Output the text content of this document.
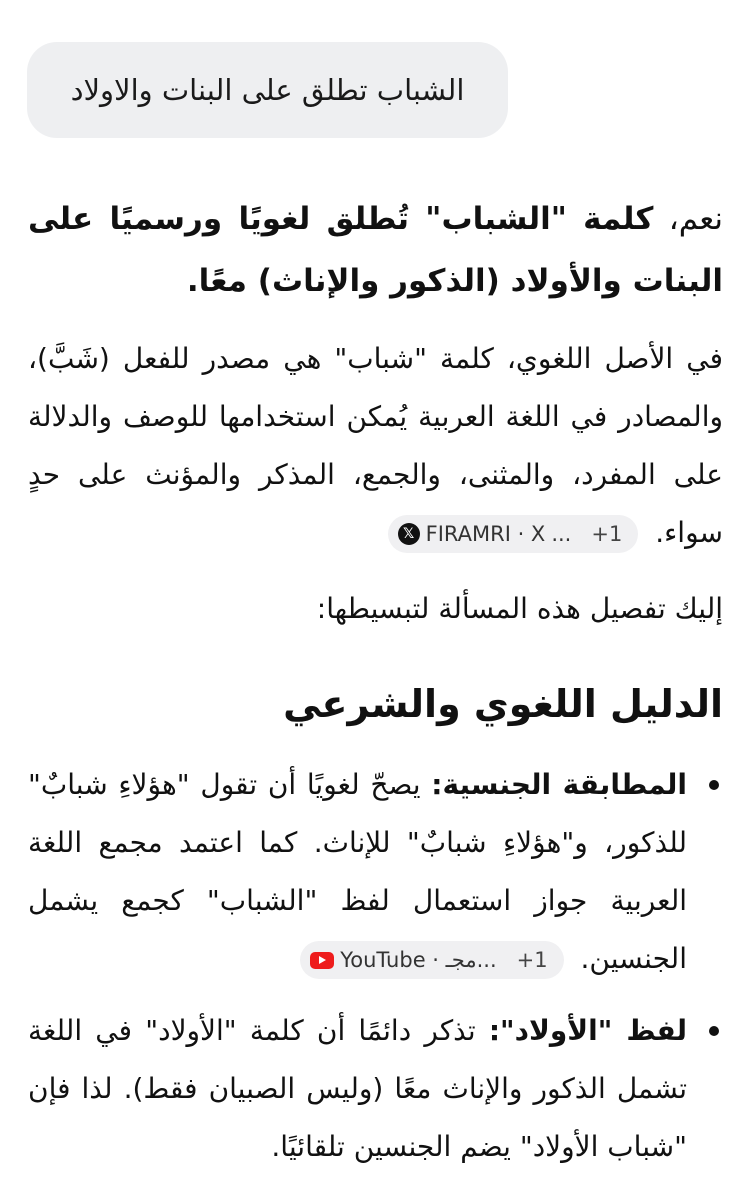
الشباب تطلق على البنات والاولاد

نعم، كلمة "الشباب" تُطلق لغويًا ورسميًا على البنات والأولاد (الذكور والإناث) معًا.

في الأصل اللغوي، كلمة "شباب" هي مصدر للفعل (شَبَّ)، والمصادر في اللغة العربية يُمكن استخدامها للوصف والدلالة على المفرد، والمثنى، والجمع، المذكر والمؤنث على حدٍ سواء.
𝕏 FIRAMRI · X ... +1

إليك تفصيل هذه المسألة لتبسيطها:

الدليل اللغوي والشرعي
المطابقة الجنسية: يصحّ لغويًا أن تقول "هؤلاءِ شبابٌ" للذكور، و"هؤلاءِ شبابٌ" للإناث. كما اعتمد مجمع اللغة العربية جواز استعمال لفظ "الشباب" كجمع يشمل الجنسين.
YouTube · مجـ... +1
لفظ "الأولاد": تذكر دائمًا أن كلمة "الأولاد" في اللغة تشمل الذكور والإناث معًا (وليس الصبيان فقط). لذا فإن "شباب الأولاد" يضم الجنسين تلقائيًا.
